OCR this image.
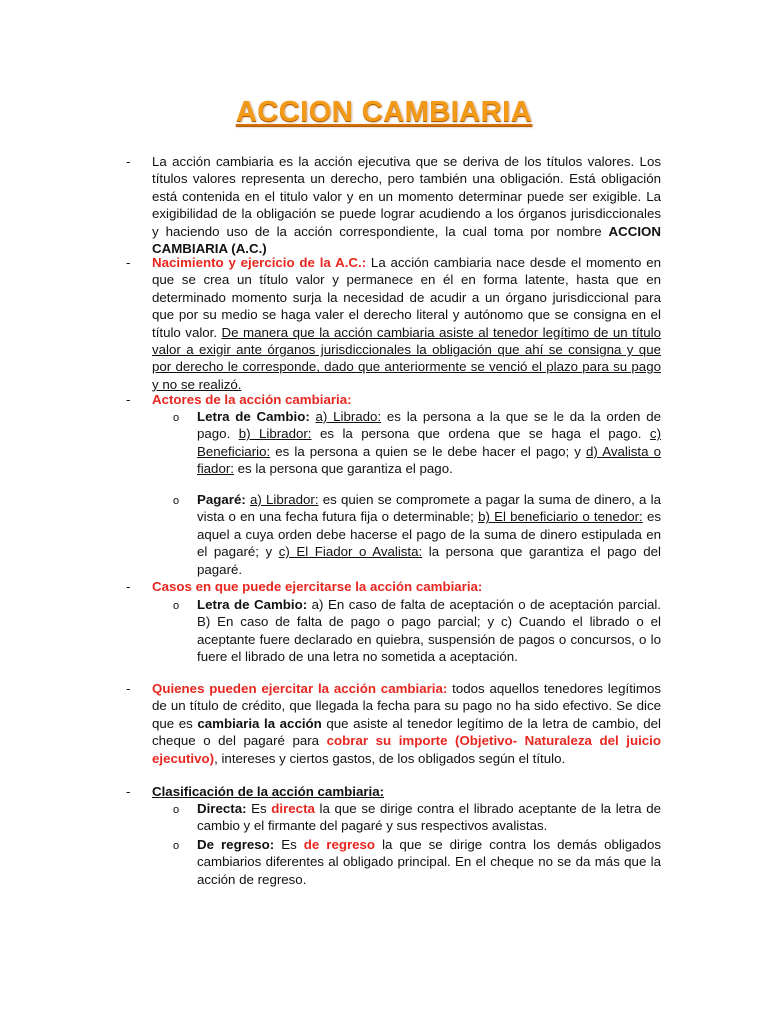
ACCION CAMBIARIA
-	La acción cambiaria es la acción ejecutiva que se deriva de los títulos valores. Los títulos valores representa un derecho, pero también una obligación. Está obligación está contenida en el titulo valor y en un momento determinar puede ser exigible. La exigibilidad de la obligación se puede lograr acudiendo a los órganos jurisdiccionales y haciendo uso de la acción correspondiente, la cual toma por nombre ACCION CAMBIARIA (A.C.)

-	Nacimiento y ejercicio de la A.C.: La acción cambiaria nace desde el momento en que se crea un título valor y permanece en él en forma latente, hasta que en determinado momento surja la necesidad de acudir a un órgano jurisdiccional para que por su medio se haga valer el derecho literal y autónomo que se consigna en el título valor. De manera que la acción cambiaria asiste al tenedor legítimo de un título valor a exigir ante órganos jurisdiccionales la obligación que ahí se consigna y que por derecho le corresponde, dado que anteriormente se venció el plazo para su pago y no se realizó.

-	Actores de la acción cambiaria:

o	Letra de Cambio: a) Librado: es la persona a la que se le da la orden de pago. b) Librador: es la persona que ordena que se haga el pago. c) Beneficiario: es la persona a quien se le debe hacer el pago; y d) Avalista o fiador: es la persona que garantiza el pago.

o	Pagaré: a) Librador: es quien se compromete a pagar la suma de dinero, a la vista o en una fecha futura fija o determinable; b) El beneficiario o tenedor: es aquel a cuya orden debe hacerse el pago de la suma de dinero estipulada en el pagaré; y c) El Fiador o Avalista: la persona que garantiza el pago del pagaré.

-	Casos en que puede ejercitarse la acción cambiaria:

o	Letra de Cambio: a) En caso de falta de aceptación o de aceptación parcial. B) En caso de falta de pago o pago parcial; y c) Cuando el librado o el aceptante fuere declarado en quiebra, suspensión de pagos o concursos, o lo fuere el librado de una letra no sometida a aceptación.

-	Quienes pueden ejercitar la acción cambiaria: todos aquellos tenedores legítimos de un título de crédito, que llegada la fecha para su pago no ha sido efectivo. Se dice que es cambiaria la acción que asiste al tenedor legítimo de la letra de cambio, del cheque o del pagaré para cobrar su importe (Objetivo- Naturaleza del juicio ejecutivo), intereses y ciertos gastos, de los obligados según el título.

-	Clasificación de la acción cambiaria:

o	Directa: Es directa la que se dirige contra el librado aceptante de la letra de cambio y el firmante del pagaré y sus respectivos avalistas.

o	De regreso: Es de regreso la que se dirige contra los demás obligados cambiarios diferentes al obligado principal. En el cheque no se da más que la acción de regreso.
